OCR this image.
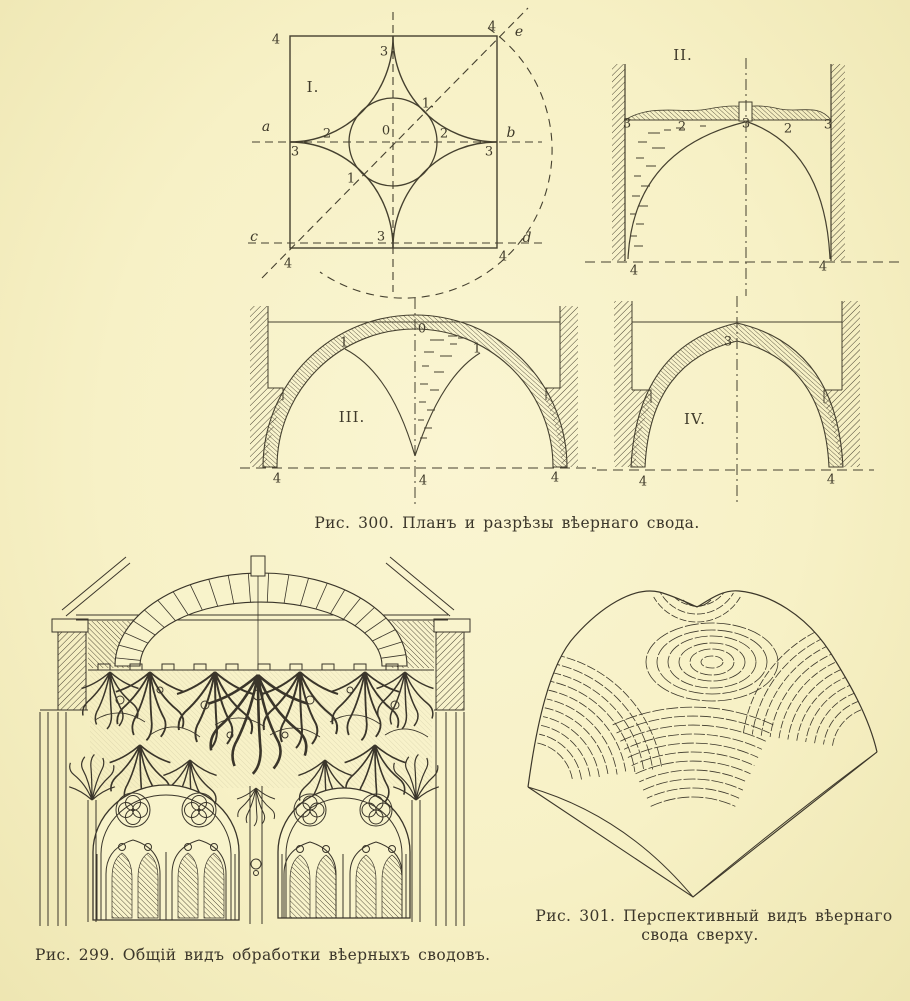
I.
4
3
4 e
a	2	0	2	b
3	3
1.
1
3
c	d
4	4
II.
3	2	3	2 3
4	4
III.
1
0
1
4	4	4
IV.
3
4	4
Рис. 300. Планъ и разрѣзы вѣернаго свода.
Рис. 299. Общій видъ обработки вѣерныхъ сводовъ.
Рис. 301. Перспективный видъ вѣернаго
свода сверху.
